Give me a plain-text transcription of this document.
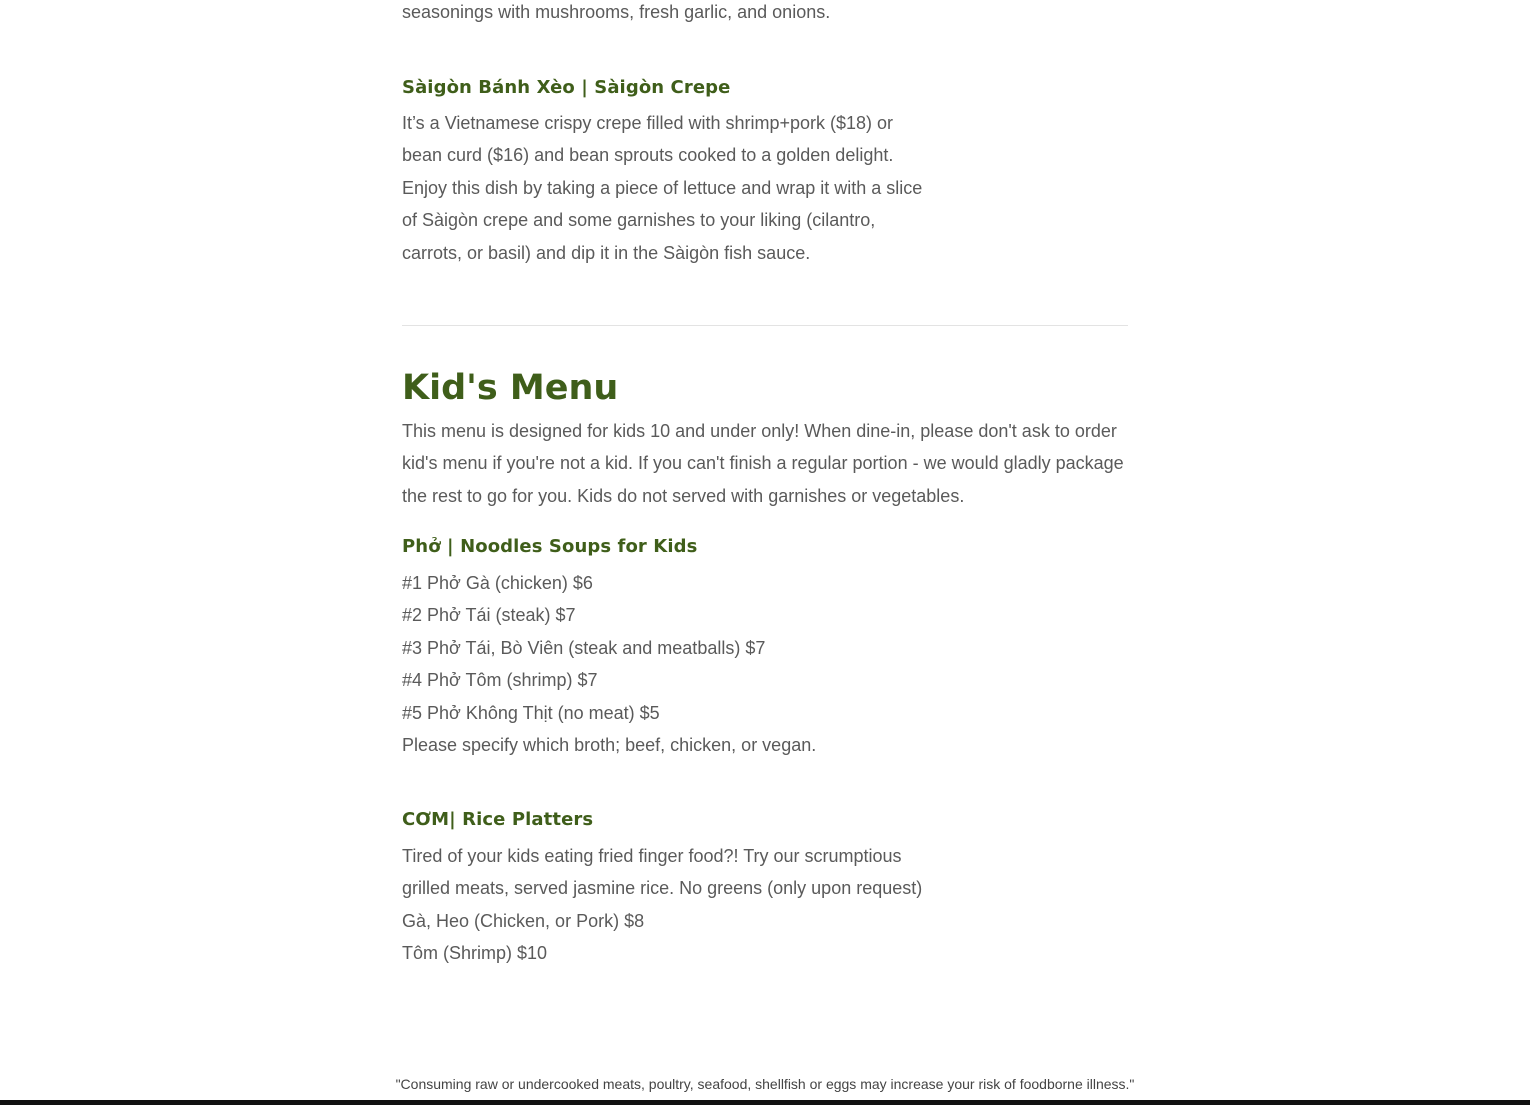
seasonings with mushrooms, fresh garlic, and onions.

Sàigòn Bánh Xèo | Sàigòn Crepe

It’s a Vietnamese crispy crepe filled with shrimp+pork ($18) or

bean curd ($16) and bean sprouts cooked to a golden delight.

Enjoy this dish by taking a piece of lettuce and wrap it with a slice

of Sàigòn crepe and some garnishes to your liking (cilantro,

carrots, or basil) and dip it in the Sàigòn fish sauce.

Kid's Menu

This menu is designed for kids 10 and under only! When dine-in, please don't ask to order

kid's menu if you're not a kid. If you can't finish a regular portion - we would gladly package

the rest to go for you. Kids do not served with garnishes or vegetables.

Phở | Noodles Soups for Kids

#1 Phở Gà (chicken) $6

#2 Phở Tái (steak) $7

#3 Phở Tái, Bò Viên (steak and meatballs) $7

#4 Phở Tôm (shrimp) $7

#5 Phở Không Thịt (no meat) $5

Please specify which broth; beef, chicken, or vegan.

CƠM| Rice Platters

Tired of your kids eating fried finger food?! Try our scrumptious

grilled meats, served jasmine rice. No greens (only upon request)

Gà, Heo (Chicken, or Pork) $8

Tôm (Shrimp) $10

"Consuming raw or undercooked meats, poultry, seafood, shellfish or eggs may increase your risk of foodborne illness."
